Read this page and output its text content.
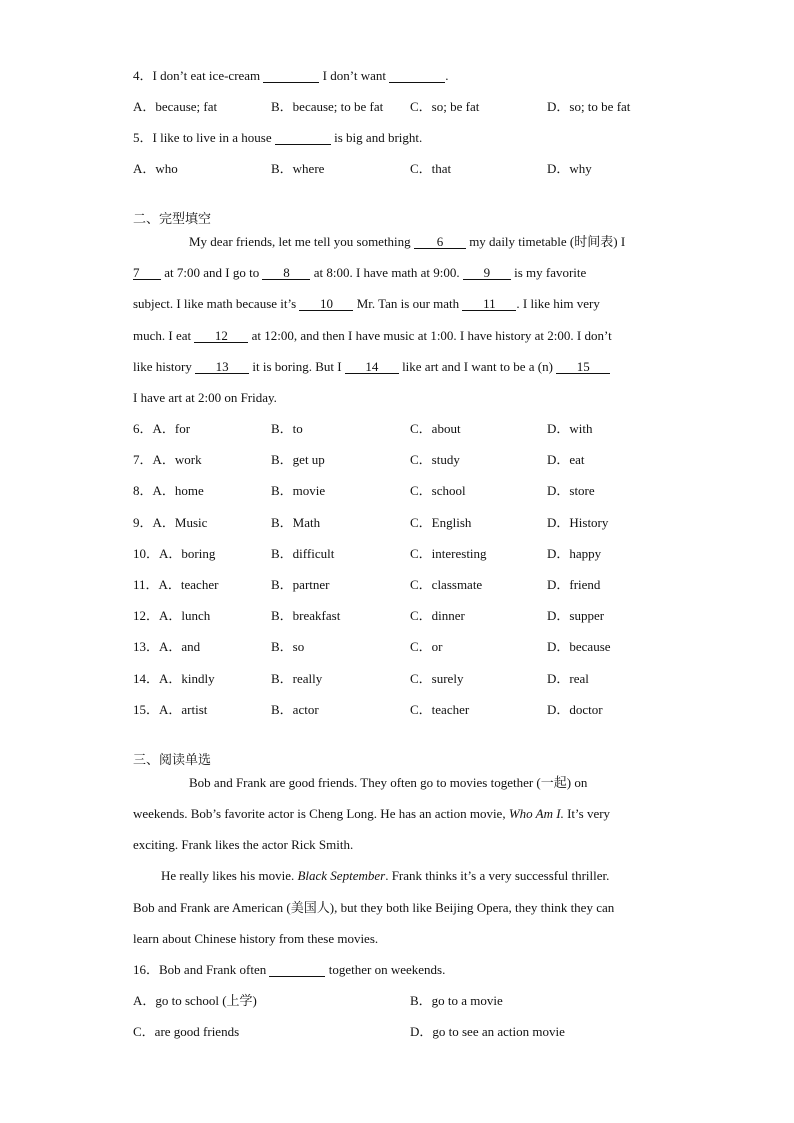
4．I don’t eat ice-cream	I don’t want	.
A．because; fat	B．because; to be fat C．so; be fat	D．so; to be fat
5．I like to live in a house	is big and bright.
A．who	B．where	C．that	D．why
二、完型填空
My dear friends, let me tell you something 6 my daily timetable (时间表) I
7 at 7:00 and I go to 8 at 8:00. I have math at 9:00. 9 is my favorite
subject. I like math because it’s 10 Mr. Tan is our math 11 . I like him very
much. I eat 12 at 12:00, and then I have music at 1:00. I have history at 2:00. I don’t
like history 13 it is boring. But I 14 like art and I want to be a (n) 15
I have art at 2:00 on Friday.
6．A．for	B．to	C．about	D．with
7．A．work	B．get up	C．study	D．eat
8．A．home	B．movie	C．school	D．store
9．A．Music	B．Math	C．English	D．History
10．A．boring	B．difficult	C．interesting	D．happy
11．A．teacher	B．partner	C．classmate	D．friend
12．A．lunch	B．breakfast	C．dinner	D．supper
13．A．and	B．so	C．or	D．because
14．A．kindly	B．really	C．surely	D．real
15．A．artist	B．actor	C．teacher	D．doctor
三、阅读单选
Bob and Frank are good friends. They often go to movies together (一起) on
weekends. Bob’s favorite actor is Cheng Long. He has an action movie, Who Am I. It’s very
exciting. Frank likes the actor Rick Smith.
He really likes his movie. Black September. Frank thinks it’s a very successful thriller.
Bob and Frank are American (美国人), but they both like Beijing Opera, they think they can
learn about Chinese history from these movies.
16．Bob and Frank often	together on weekends.
A．go to school (上学)	B．go to a movie
C．are good friends	D．go to see an action movie
